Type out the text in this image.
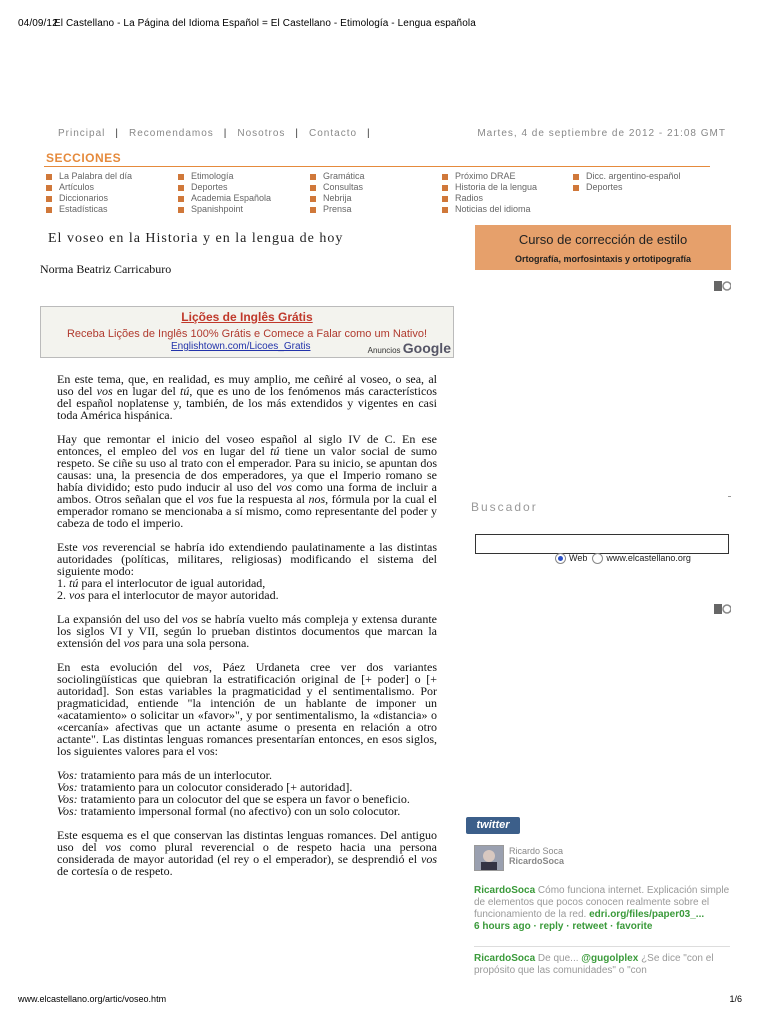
04/09/12El Castellano - La Página del Idioma Español = El Castellano - Etimología - Lengua española
Principal | Recomendamos | Nosotros | Contacto |	Martes, 4 de septiembre de 2012 - 21:08 GMT
SECCIONES
La Palabra del día
Artículos
Diccionarios
Estadísticas
Etimología
Deportes
Academia Española
Spanishpoint
Gramática
Consultas
Nebrija
Prensa
Próximo DRAE
Historia de la lengua
Radios
Noticias del idioma
Dicc. argentino-español
Deportes
El voseo en la Historia y en la lengua de hoy
Norma Beatriz Carricaburo
Lições de Inglês Grátis
Receba Lições de Inglês 100% Grátis e Comece a Falar como um Nativo!
Englishtown.com/Licoes_Gratis	Anuncios Google

En este tema, que, en realidad, es muy amplio, me ceñiré al voseo, o sea, al uso del vos en lugar del tú, que es uno de los fenómenos más característicos del español noplatense y, también, de los más extendidos y vigentes en casi toda América hispánica.

Hay que remontar el inicio del voseo español al siglo IV de C. En ese entonces, el empleo del vos en lugar del tú tiene un valor social de sumo respeto. Se ciñe su uso al trato con el emperador. Para su inicio, se apuntan dos causas: una, la presencia de dos emperadores, ya que el Imperio romano se había dividido; esto pudo inducir al uso del vos como una forma de incluir a ambos. Otros señalan que el vos fue la respuesta al nos, fórmula por la cual el emperador romano se mencionaba a sí mismo, como representante del poder y cabeza de todo el imperio.

Este vos reverencial se habría ido extendiendo paulatinamente a las distintas autoridades (políticas, militares, religiosas) modificando el sistema del siguiente modo:
1. tú para el interlocutor de igual autoridad,
2. vos para el interlocutor de mayor autoridad.

La expansión del uso del vos se habría vuelto más compleja y extensa durante los siglos VI y VII, según lo prueban distintos documentos que marcan la extensión del vos para una sola persona.

En esta evolución del vos, Páez Urdaneta cree ver dos variantes sociolingüísticas que quiebran la estratificación original de [+ poder] o [+ autoridad]. Son estas variables la pragmaticidad y el sentimentalismo. Por pragmaticidad, entiende "la intención de un hablante de imponer un «acatamiento» o solicitar un «favor»", y por sentimentalismo, la «distancia» o «cercanía» afectivas que un actante asume o presenta en relación a otro actante". Las distintas lenguas romances presentarían entonces, en esos siglos, los siguientes valores para el vos:

Vos: tratamiento para más de un interlocutor.
Vos: tratamiento para un colocutor considerado [+ autoridad].
Vos: tratamiento para un colocutor del que se espera un favor o beneficio.
Vos: tratamiento impersonal formal (no afectivo) con un solo colocutor.

Este esquema es el que conservan las distintas lenguas romances. Del antiguo uso del vos como plural reverencial o de respeto hacia una persona considerada de mayor autoridad (el rey o el emperador), se desprendió el vos de cortesía o de respeto.

Curso de corrección de estilo
Ortografía, morfosintaxis y ortotipografía
Buscador
Web www.elcastellano.org
twitter
Ricardo Soca
RicardoSoca
RicardoSoca Cómo funciona internet. Explicación simple de elementos que pocos conocen realmente sobre el funcionamiento de la red. edri.org/files/paper03_...
6 hours ago · reply · retweet · favorite
RicardoSoca De que... @gugolplex ¿Se dice "con el propósito que las comunidades" o "con
www.elcastellano.org/artic/voseo.htm	1/6
